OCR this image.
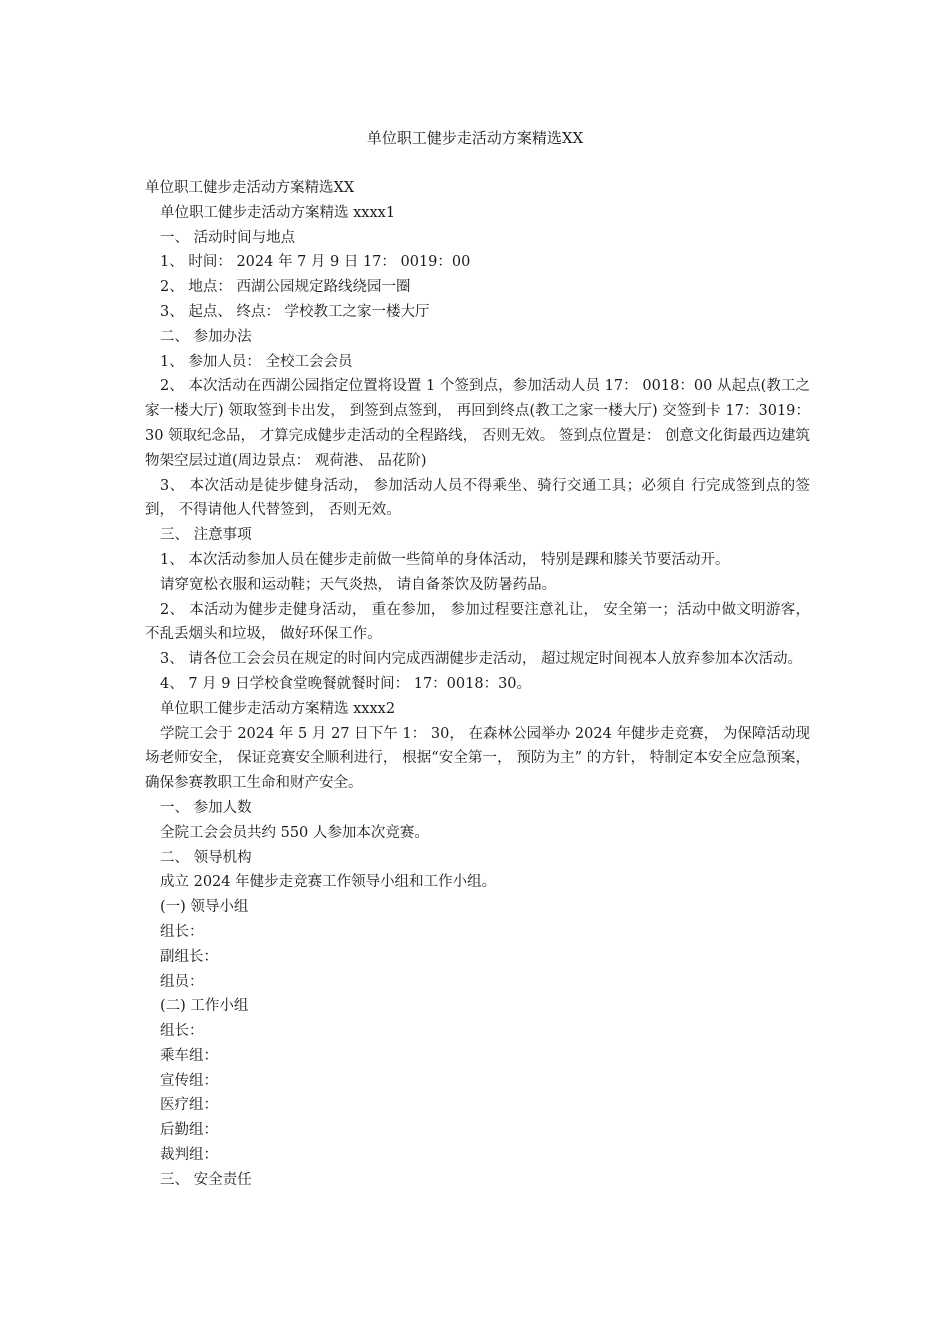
单位职工健步走活动方案精选XX

单位职工健步走活动方案精选XX

单位职工健步走活动方案精选 xxxx1

一、 活动时间与地点

1、 时间： 2024 年 7 月 9 日 17： 0019：00

2、 地点： 西湖公园规定路线绕园一圈

3、 起点、 终点： 学校教工之家一楼大厅

二、 参加办法

1、 参加人员： 全校工会会员

2、 本次活动在西湖公园指定位置将设置 1 个签到点，参加活动人员 17： 0018：00 从起点(教工之家一楼大厅) 领取签到卡出发， 到签到点签到， 再回到终点(教工之家一楼大厅) 交签到卡 17：3019：30 领取纪念品， 才算完成健步走活动的全程路线， 否则无效。 签到点位置是： 创意文化街最西边建筑物架空层过道(周边景点： 观荷港、 品花阶)

3、 本次活动是徒步健身活动， 参加活动人员不得乘坐、骑行交通工具；必须自 行完成签到点的签到， 不得请他人代替签到， 否则无效。

三、 注意事项

1、 本次活动参加人员在健步走前做一些简单的身体活动， 特别是踝和膝关节要活动开。

请穿宽松衣服和运动鞋；天气炎热， 请自备茶饮及防暑药品。

2、 本活动为健步走健身活动， 重在参加， 参加过程要注意礼让， 安全第一；活动中做文明游客， 不乱丢烟头和垃圾， 做好环保工作。

3、 请各位工会会员在规定的时间内完成西湖健步走活动， 超过规定时间视本人放弃参加本次活动。

4、 7 月 9 日学校食堂晚餐就餐时间： 17：0018：30。

单位职工健步走活动方案精选 xxxx2

学院工会于 2024 年 5 月 27 日下午 1： 30， 在森林公园举办 2024 年健步走竞赛， 为保障活动现场老师安全， 保证竞赛安全顺利进行， 根据“安全第一， 预防为主” 的方针， 特制定本安全应急预案， 确保参赛教职工生命和财产安全。

一、 参加人数

全院工会会员共约 550 人参加本次竞赛。

二、 领导机构

成立 2024 年健步走竞赛工作领导小组和工作小组。

(一) 领导小组

组长：

副组长：

组员：

(二) 工作小组

组长：

乘车组：

宣传组：

医疗组：

后勤组：

裁判组：

三、 安全责任
